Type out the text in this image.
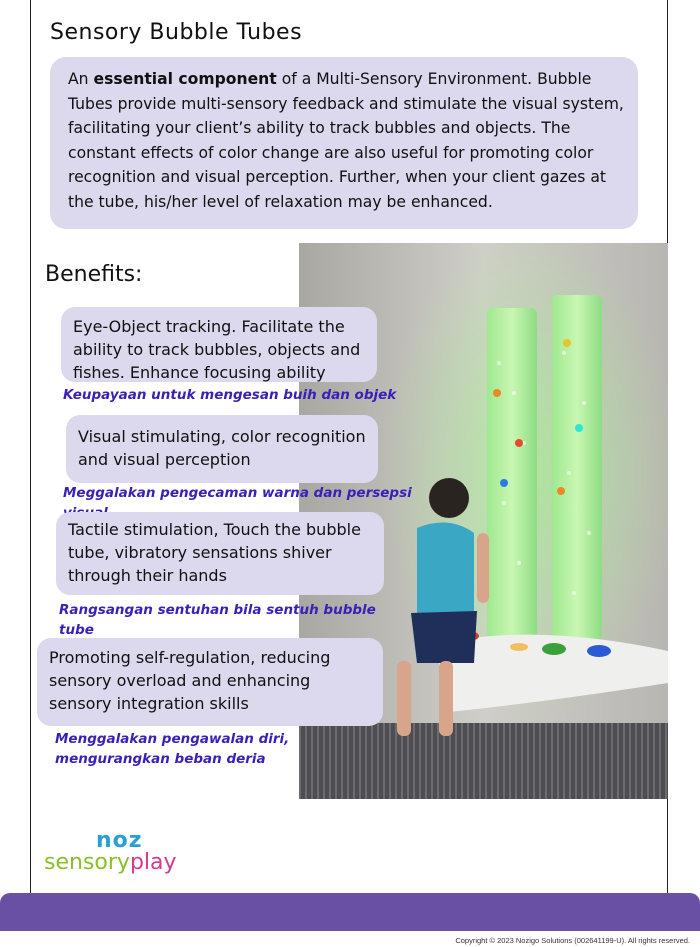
Sensory Bubble Tubes
An essential component of a Multi-Sensory Environment. Bubble Tubes provide multi-sensory feedback and stimulate the visual system, facilitating your client’s ability to track bubbles and objects. The constant effects of color change are also useful for promoting color recognition and visual perception. Further, when your client gazes at the tube, his/her level of relaxation may be enhanced.
Benefits:
Eye-Object tracking. Facilitate the ability to track bubbles, objects and fishes. Enhance focusing ability
Keupayaan untuk mengesan buih dan objek
Visual stimulating, color recognition and visual perception
Meggalakan pengecaman warna dan persepsi
Tactile stimulation, Touch the bubble tube, vibratory sensations shiver through their hands
Rangsangan sentuhan bila sentuh bubble tube
Promoting self-regulation, reducing sensory overload and enhancing sensory integration skills
Menggalakan pengawalan diri, mengurangkan beban deria
noz
sensoryplay
Copyright © 2023 Nozigo Solutions (002641199-U). All rights reserved.
